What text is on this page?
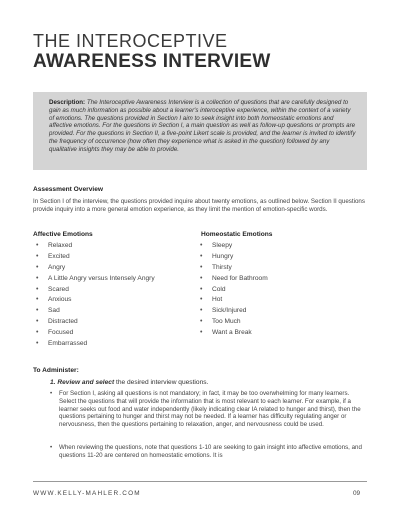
THE INTEROCEPTIVE
AWARENESS INTERVIEW
Description: The Interoceptive Awareness Interview is a collection of questions that are carefully designed to gain as much information as possible about a learner's interoceptive experience, within the context of a variety of emotions. The questions provided in Section I aim to seek insight into both homeostatic emotions and affective emotions. For the questions in Section I, a main question as well as follow-up questions or prompts are provided. For the questions in Section II, a five-point Likert scale is provided, and the learner is invited to identify the frequency of occurrence (how often they experience what is asked in the question) followed by any qualitative insights they may be able to provide.
Assessment Overview
In Section I of the interview, the questions provided inquire about twenty emotions, as outlined below. Section II questions provide inquiry into a more general emotion experience, as they limit the mention of emotion-specific words.
Affective Emotions
•	Relaxed
•	Excited
•	Angry
•	A Little Angry versus Intensely Angry
•	Scared
•	Anxious
•	Sad
•	Distracted
•	Focused
•	Embarrassed
Homeostatic Emotions
•	Sleepy
•	Hungry
•	Thirsty
•	Need for Bathroom
•	Cold
•	Hot
•	Sick/Injured
•	Too Much
•	Want a Break
To Administer:
1. Review and select the desired interview questions.
•	For Section I, asking all questions is not mandatory; in fact, it may be too overwhelming for many learners. Select the questions that will provide the information that is most relevant to each learner. For example, if a learner seeks out food and water independently (likely indicating clear IA related to hunger and thirst), then the questions pertaining to hunger and thirst may not be needed. If a learner has difficulty regulating anger or nervousness, then the questions pertaining to relaxation, anger, and nervousness could be used.
•	When reviewing the questions, note that questions 1-10 are seeking to gain insight into affective emotions, and questions 11-20 are centered on homeostatic emotions. It is
WWW.KELLY-MAHLER.COM	09
